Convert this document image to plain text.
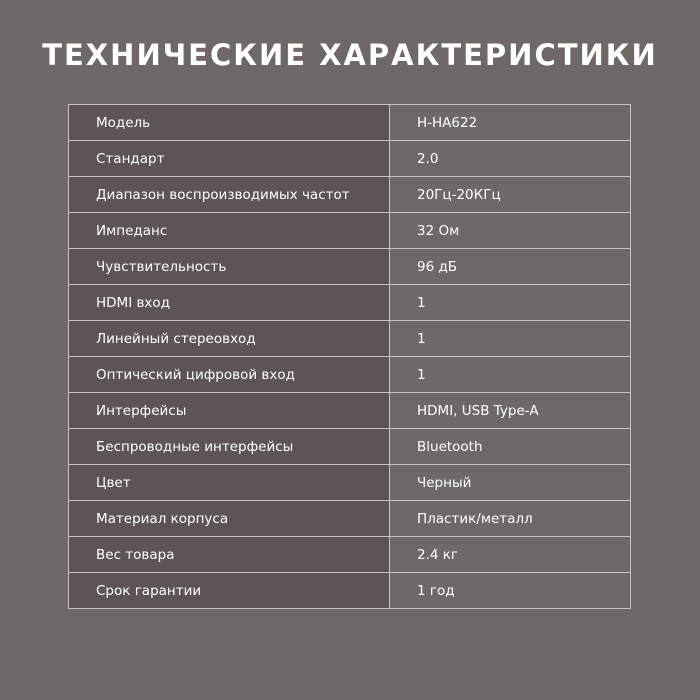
ТЕХНИЧЕСКИЕ ХАРАКТЕРИСТИКИ
Модель	H-HA622
Стандарт	2.0
Диапазон воспроизводимых частот	20Гц-20КГц
Импеданс	32 Ом
Чувствительность	96 дБ
HDMI вход	1
Линейный стереовход	1
Оптический цифровой вход	1
Интерфейсы	HDMI, USB Type-A
Беспроводные интерфейсы	Bluetooth
Цвет	Черный
Материал корпуса	Пластик/металл
Вес товара	2.4 кг
Срок гарантии	1 год
